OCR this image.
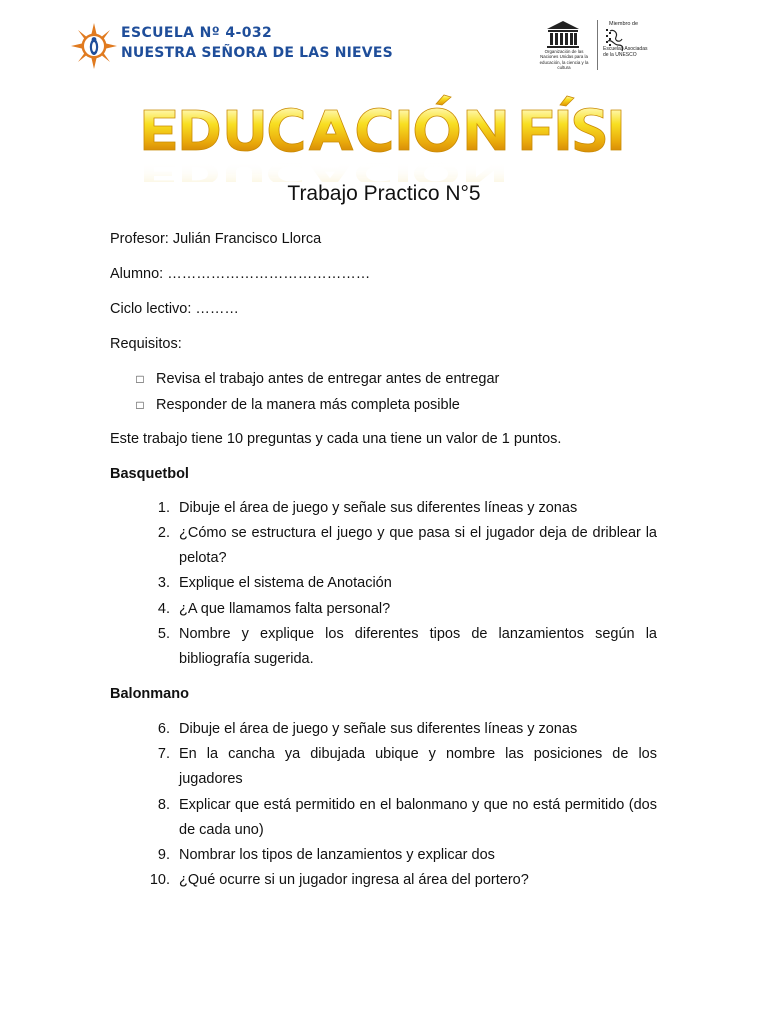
ESCUELA Nº 4-032
NUESTRA SEÑORA DE LAS NIEVES	Organización de las Naciones Unidas para la educación, la ciencia y la cultura
Miembro de
Escuelas Asociadas de la UNESCO
Trabajo Practico N°5
Profesor: Julián Francisco Llorca
Alumno: ……………………………………
Ciclo lectivo: ………
Requisitos:
□ Revisa el trabajo antes de entregar antes de entregar
□ Responder de la manera más completa posible
Este trabajo tiene 10 preguntas y cada una tiene un valor de 1 puntos.
Basquetbol
1. Dibuje el área de juego y señale sus diferentes líneas y zonas
2. ¿Cómo se estructura el juego y que pasa si el jugador deja de driblear la pelota?
3. Explique el sistema de Anotación
4. ¿A que llamamos falta personal?
5. Nombre y explique los diferentes tipos de lanzamientos según la bibliografía sugerida.
Balonmano
6. Dibuje el área de juego y señale sus diferentes líneas y zonas
7. En la cancha ya dibujada ubique y nombre las posiciones de los jugadores
8. Explicar que está permitido en el balonmano y que no está permitido (dos de cada uno)
9. Nombrar los tipos de lanzamientos y explicar dos
10. ¿Qué ocurre si un jugador ingresa al área del portero?
